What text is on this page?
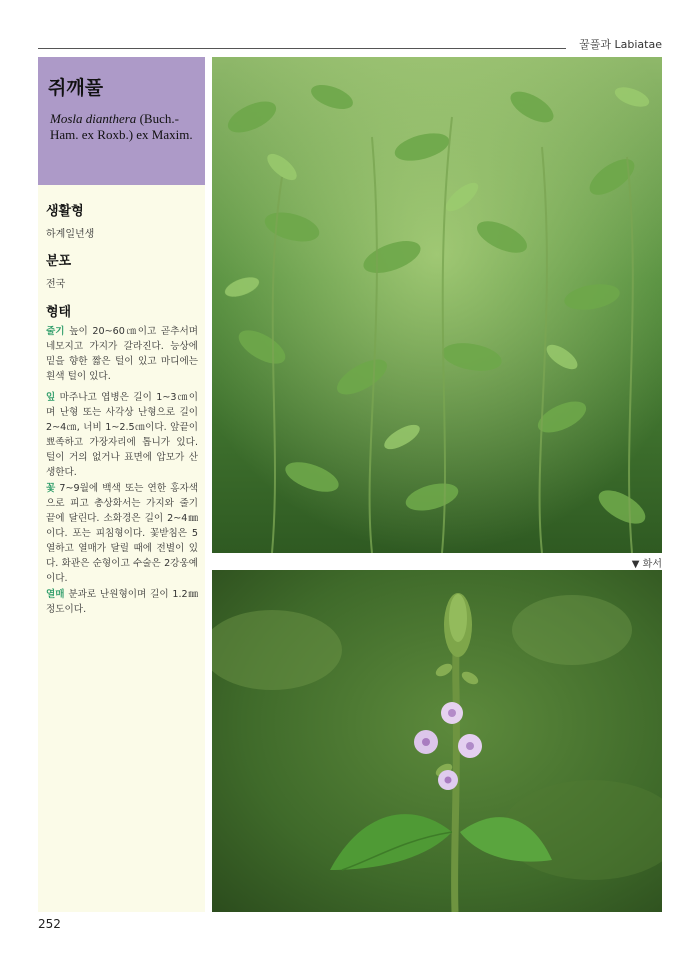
꿀풀과 Labiatae
쥐깨풀
Mosla dianthera (Buch.-Ham. ex Roxb.) ex Maxim.
생활형
하계일년생
분포
전국
형태
줄기 높이 20~60㎝이고 곧추서며 네모지고 가지가 갈라진다. 능상에 밑을 향한 짧은 털이 있고 마디에는 흰색 털이 있다.
잎 마주나고 엽병은 길이 1~3㎝이며 난형 또는 사각상 난형으로 길이 2~4㎝, 너비 1~2.5㎝이다. 앞끝이 뾰족하고 가장자리에 톱니가 있다. 털이 거의 없거나 표면에 압모가 산생한다.
꽃 7~9월에 백색 또는 연한 홍자색으로 피고 총상화서는 가지와 줄기 끝에 달린다. 소화경은 길이 2~4㎜이다. 포는 피침형이다. 꽃받침은 5열하고 열매가 달릴 때에 전별이 있다. 화관은 순형이고 수술은 2강웅예이다.
열매 분과로 난원형이며 길이 1.2㎜정도이다.
▼ 화서
252
